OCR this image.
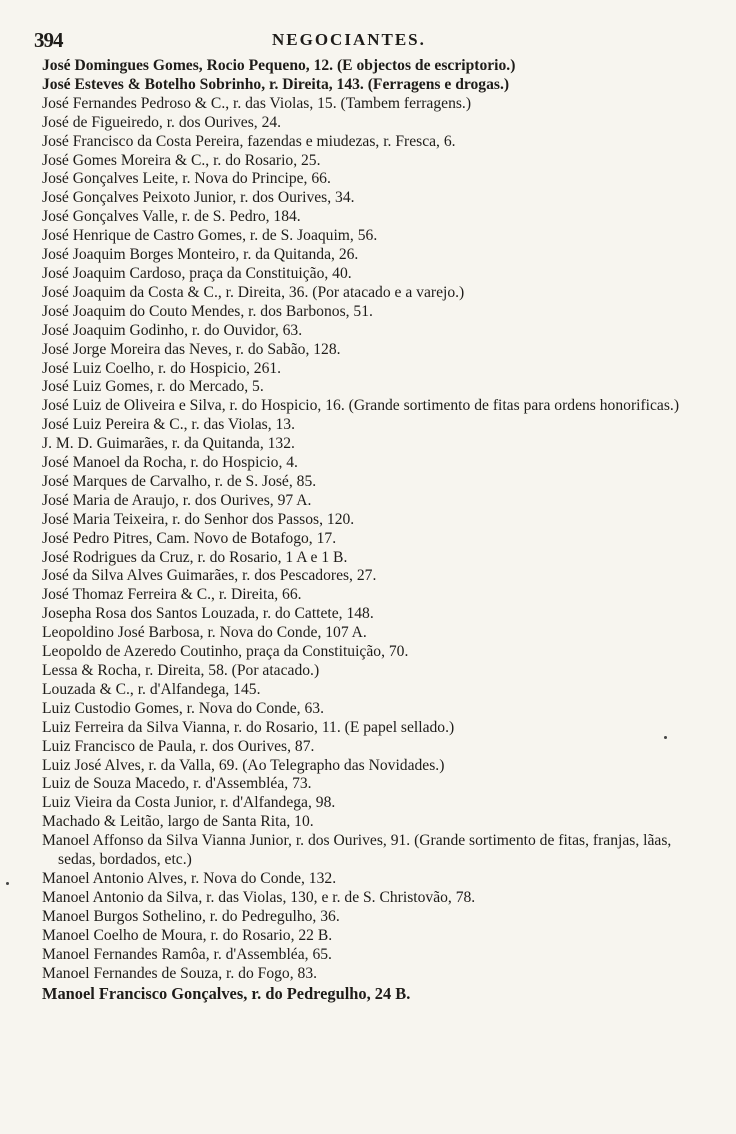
394	NEGOCIANTES.
José Domingues Gomes, Rocio Pequeno, 12. (E objectos de escriptorio.)
José Esteves & Botelho Sobrinho, r. Direita, 143. (Ferragens e drogas.)
José Fernandes Pedroso & C., r. das Violas, 15. (Tambem ferragens.)
José de Figueiredo, r. dos Ourives, 24.
José Francisco da Costa Pereira, fazendas e miudezas, r. Fresca, 6.
José Gomes Moreira & C., r. do Rosario, 25.
José Gonçalves Leite, r. Nova do Principe, 66.
José Gonçalves Peixoto Junior, r. dos Ourives, 34.
José Gonçalves Valle, r. de S. Pedro, 184.
José Henrique de Castro Gomes, r. de S. Joaquim, 56.
José Joaquim Borges Monteiro, r. da Quitanda, 26.
José Joaquim Cardoso, praça da Constituição, 40.
José Joaquim da Costa & C., r. Direita, 36. (Por atacado e a varejo.)
José Joaquim do Couto Mendes, r. dos Barbonos, 51.
José Joaquim Godinho, r. do Ouvidor, 63.
José Jorge Moreira das Neves, r. do Sabão, 128.
José Luiz Coelho, r. do Hospicio, 261.
José Luiz Gomes, r. do Mercado, 5.
José Luiz de Oliveira e Silva, r. do Hospicio, 16. (Grande sortimento de fitas para ordens honorificas.)
José Luiz Pereira & C., r. das Violas, 13.
J. M. D. Guimarães, r. da Quitanda, 132.
José Manoel da Rocha, r. do Hospicio, 4.
José Marques de Carvalho, r. de S. José, 85.
José Maria de Araujo, r. dos Ourives, 97 A.
José Maria Teixeira, r. do Senhor dos Passos, 120.
José Pedro Pitres, Cam. Novo de Botafogo, 17.
José Rodrigues da Cruz, r. do Rosario, 1 A e 1 B.
José da Silva Alves Guimarães, r. dos Pescadores, 27.
José Thomaz Ferreira & C., r. Direita, 66.
Josepha Rosa dos Santos Louzada, r. do Cattete, 148.
Leopoldino José Barbosa, r. Nova do Conde, 107 A.
Leopoldo de Azeredo Coutinho, praça da Constituição, 70.
Lessa & Rocha, r. Direita, 58. (Por atacado.)
Louzada & C., r. d'Alfandega, 145.
Luiz Custodio Gomes, r. Nova do Conde, 63.
Luiz Ferreira da Silva Vianna, r. do Rosario, 11. (E papel sellado.)
Luiz Francisco de Paula, r. dos Ourives, 87.
Luiz José Alves, r. da Valla, 69. (Ao Telegrapho das Novidades.)
Luiz de Souza Macedo, r. d'Assembléa, 73.
Luiz Vieira da Costa Junior, r. d'Alfandega, 98.
Machado & Leitão, largo de Santa Rita, 10.
Manoel Affonso da Silva Vianna Junior, r. dos Ourives, 91. (Grande sortimento de fitas, franjas, lãas, sedas, bordados, etc.)
Manoel Antonio Alves, r. Nova do Conde, 132.
Manoel Antonio da Silva, r. das Violas, 130, e r. de S. Christovão, 78.
Manoel Burgos Sothelino, r. do Pedregulho, 36.
Manoel Coelho de Moura, r. do Rosario, 22 B.
Manoel Fernandes Ramôa, r. d'Assembléa, 65.
Manoel Fernandes de Souza, r. do Fogo, 83.
Manoel Francisco Gonçalves, r. do Pedregulho, 24 B.
